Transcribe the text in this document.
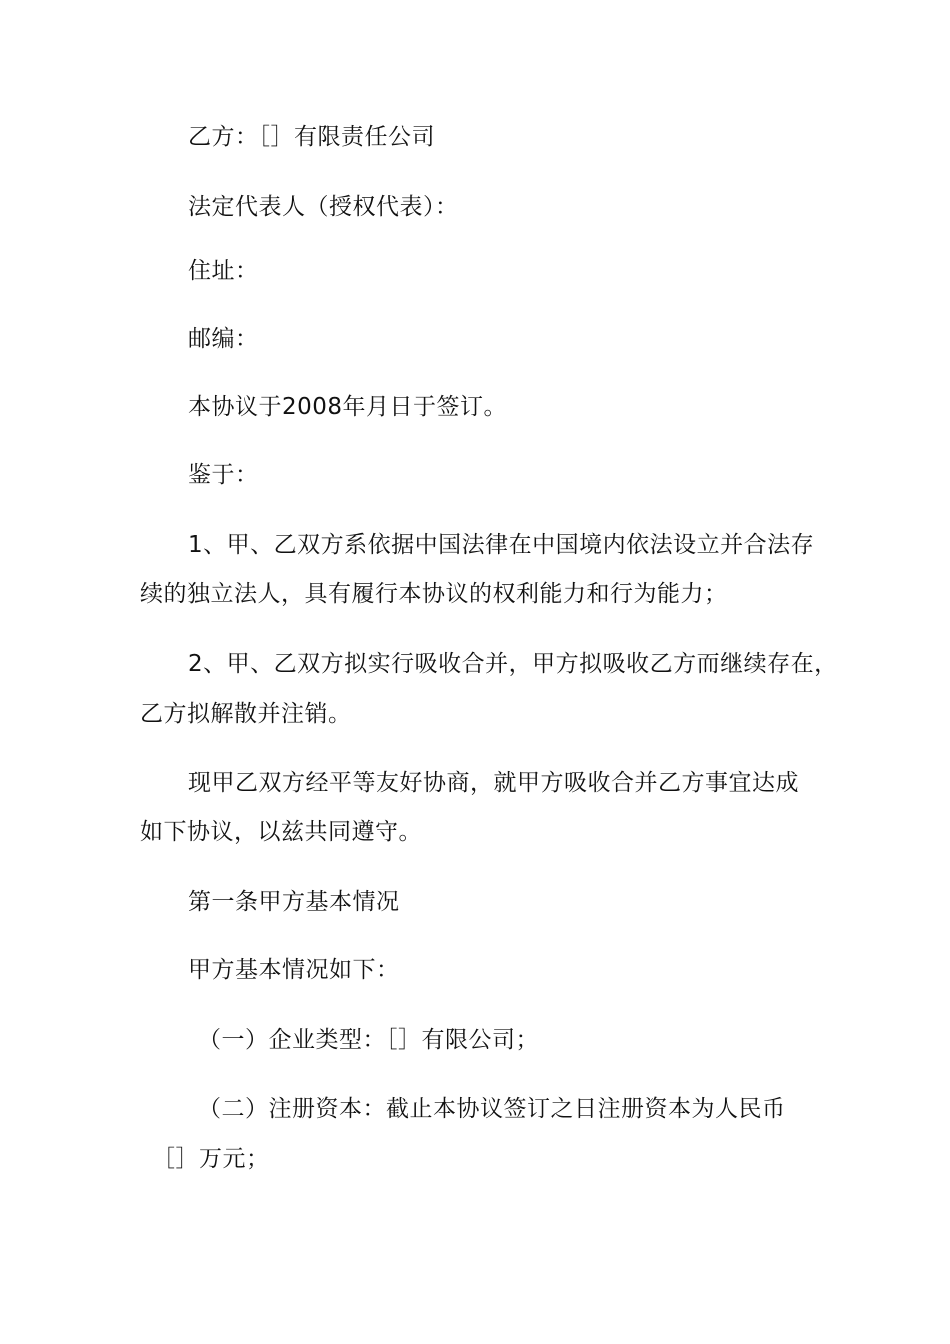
乙方：［］有限责任公司
法定代表人（授权代表）：
住址：
邮编：
本协议于2008年月日于签订。
鉴于：
1、甲、乙双方系依据中国法律在中国境内依法设立并合法存
续的独立法人，具有履行本协议的权利能力和行为能力；
2、甲、乙双方拟实行吸收合并，甲方拟吸收乙方而继续存在，
乙方拟解散并注销。
现甲乙双方经平等友好协商，就甲方吸收合并乙方事宜达成
如下协议，以兹共同遵守。
第一条甲方基本情况
甲方基本情况如下：
（一）企业类型：［］有限公司；
（二）注册资本：截止本协议签订之日注册资本为人民币
［］万元；
